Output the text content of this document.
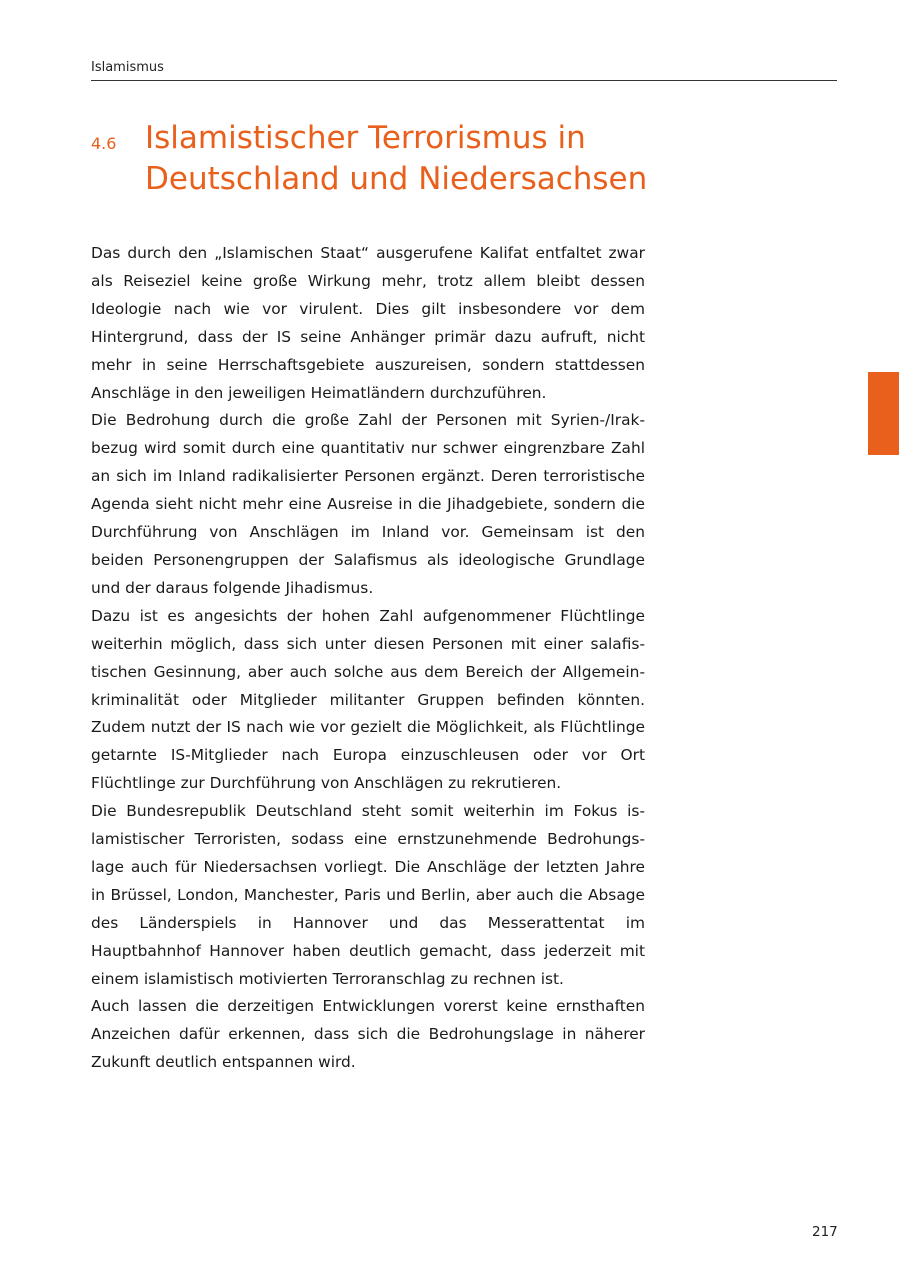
Islamismus
4.6 Islamistischer Terrorismus in
Deutschland und Niedersachsen

Das durch den „Islamischen Staat“ ausgerufene Kalifat entfaltet zwar als Reiseziel keine große Wirkung mehr, trotz allem bleibt dessen Ideologie nach wie vor virulent. Dies gilt insbesondere vor dem Hintergrund, dass der IS seine Anhänger primär dazu aufruft, nicht mehr in seine Herrschaftsgebiete auszureisen, sondern stattdessen Anschläge in den jeweiligen Heimatländern durchzuführen.

Die Bedrohung durch die große Zahl der Personen mit Syrien-/Irakbezug wird somit durch eine quantitativ nur schwer eingrenzbare Zahl an sich im Inland radikalisierter Personen ergänzt. Deren terroristische Agenda sieht nicht mehr eine Ausreise in die Jihadgebiete, sondern die Durchführung von Anschlägen im Inland vor. Gemeinsam ist den beiden Personengruppen der Salafismus als ideologische Grundlage und der daraus folgende Jihadismus.

Dazu ist es angesichts der hohen Zahl aufgenommener Flüchtlinge weiterhin möglich, dass sich unter diesen Personen mit einer salafistischen Gesinnung, aber auch solche aus dem Bereich der Allgemeinkriminalität oder Mitglieder militanter Gruppen befinden könnten. Zudem nutzt der IS nach wie vor gezielt die Möglichkeit, als Flüchtlinge getarnte IS-Mitglieder nach Europa einzuschleusen oder vor Ort Flüchtlinge zur Durchführung von Anschlägen zu rekrutieren.

Die Bundesrepublik Deutschland steht somit weiterhin im Fokus islamistischer Terroristen, sodass eine ernstzunehmende Bedrohungslage auch für Niedersachsen vorliegt. Die Anschläge der letzten Jahre in Brüssel, London, Manchester, Paris und Berlin, aber auch die Absage des Länderspiels in Hannover und das Messerattentat im Hauptbahnhof Hannover haben deutlich gemacht, dass jederzeit mit einem islamistisch motivierten Terroranschlag zu rechnen ist.

Auch lassen die derzeitigen Entwicklungen vorerst keine ernsthaften Anzeichen dafür erkennen, dass sich die Bedrohungslage in näherer Zukunft deutlich entspannen wird.

217
